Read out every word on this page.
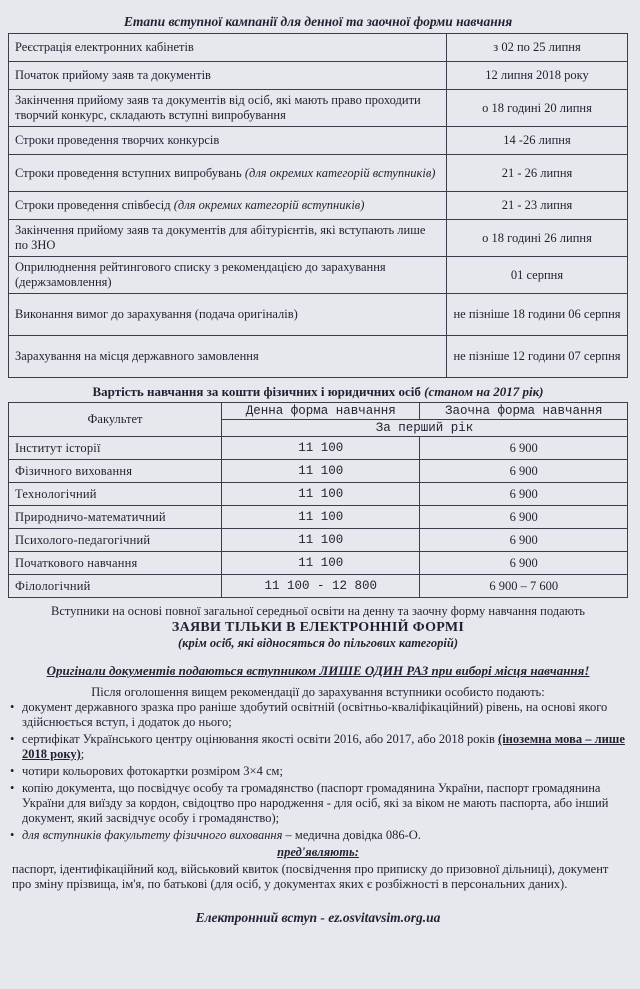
Етапи вступної кампанії для денної та заочної форми навчання
Реєстрація електронних кабінетів	з 02 по 25 липня
Початок прийому заяв та документів	12 липня 2018 року
Закінчення прийому заяв та документів від осіб, які мають право проходити творчий конкурс, складають вступні випробування	о 18 годині 20 липня
Строки проведення творчих конкурсів	14 -26 липня
Строки проведення вступних випробувань (для окремих категорій вступників)	21 - 26 липня
Строки проведення співбесід (для окремих категорій вступників)	21 - 23 липня
Закінчення прийому заяв та документів для абітурієнтів, які вступають лише по ЗНО	о 18 годині 26 липня
Оприлюднення рейтингового списку з рекомендацією до зарахування (держзамовлення)	01 серпня
Виконання вимог до зарахування (подача оригіналів)	не пізніше 18 години 06 серпня
Зарахування на місця державного замовлення	не пізніше 12 години 07 серпня
Вартість навчання за кошти фізичних і юридичних осіб (станом на 2017 рік)
Факультет	Денна форма навчання	Заочна форма навчання
	За перший рік	
Інститут історії	11 100	6 900
Фізичного виховання	11 100	6 900
Технологічний	11 100	6 900
Природничо-математичний	11 100	6 900
Психолого-педагогічний	11 100	6 900
Початкового навчання	11 100	6 900
Філологічний	11 100 - 12 800	6 900 – 7 600
Вступники на основі повної загальної середньої освіти на денну та заочну форму навчання подають
ЗАЯВИ ТІЛЬКИ В ЕЛЕКТРОННІЙ ФОРМІ
(крім осіб, які відносяться до пільгових категорій)
Оригінали документів подаються вступником ЛИШЕ ОДИН РАЗ при виборі місця навчання!
Після оголошення вищем рекомендації до зарахування вступники особисто подають:
• документ державного зразка про раніше здобутий освітній (освітньо-кваліфікаційний) рівень, на основі якого здійснюється вступ, і додаток до нього;
• сертифікат Українського центру оцінювання якості освіти 2016, або 2017, або 2018 років (іноземна мова – лише 2018 року);
• чотири кольорових фотокартки розміром 3×4 см;
• копію документа, що посвідчує особу та громадянство (паспорт громадянина України, паспорт громадянина України для виїзду за кордон, свідоцтво про народження - для осіб, які за віком не мають паспорта, або інший документ, який засвідчує особу і громадянство);
• для вступників факультету фізичного виховання – медична довідка 086-О.
пред'являють:
паспорт, ідентифікаційний код, військовий квиток (посвідчення про приписку до призовної дільниці), документ про зміну прізвища, ім'я, по батькові (для осіб, у документах яких є розбіжності в персональних даних).
Електронний вступ - ez.osvitavsim.org.ua
